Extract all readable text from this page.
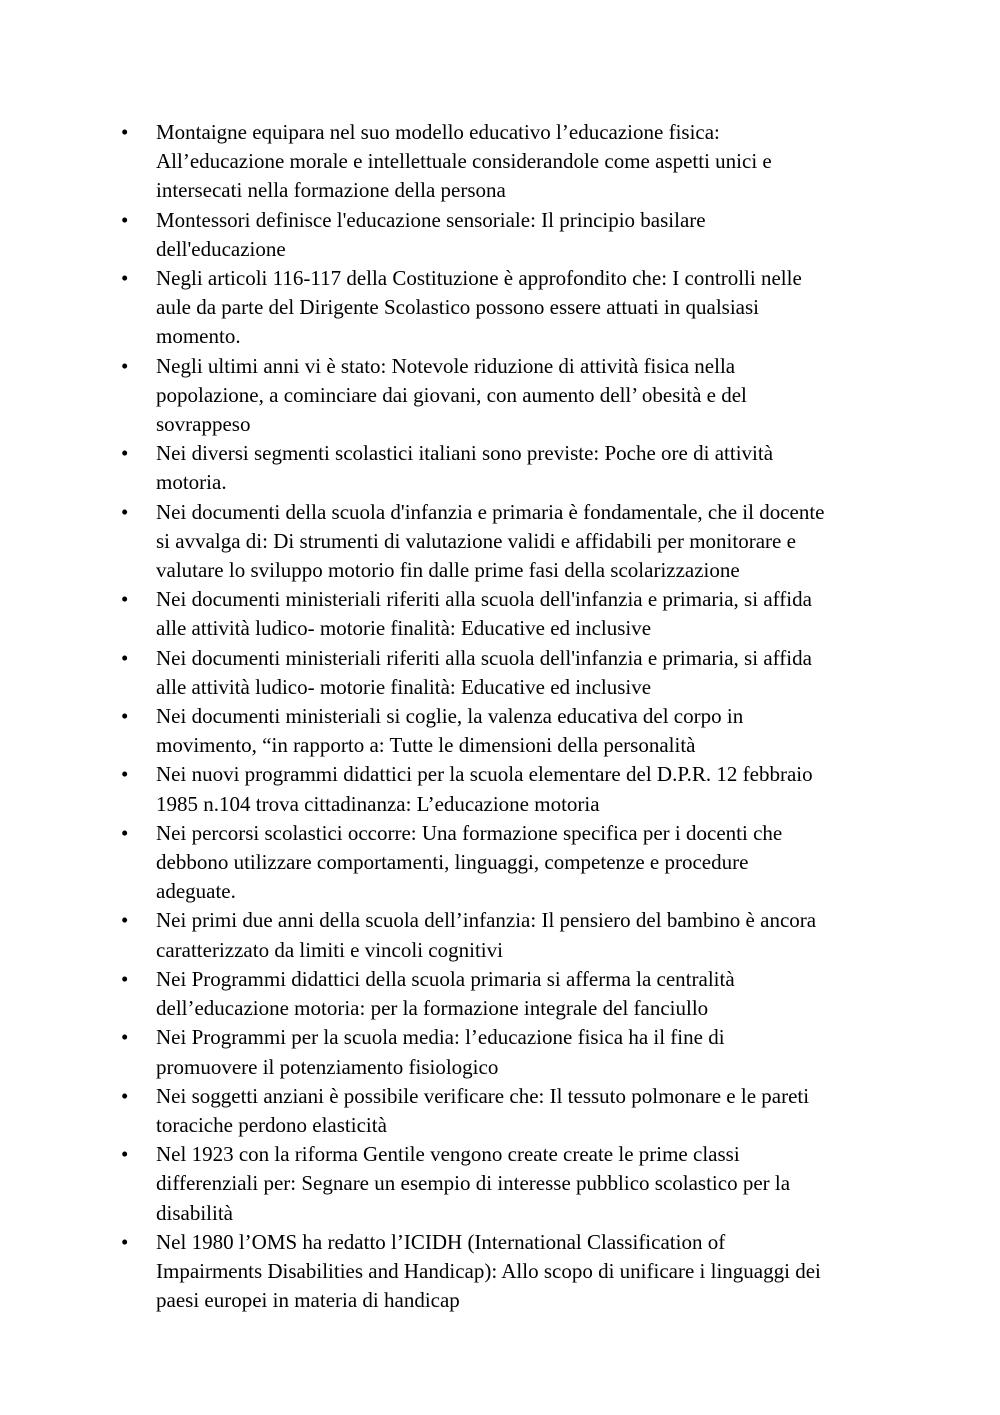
•	Montaigne equipara nel suo modello educativo l’educazione fisica:
All’educazione morale e intellettuale considerandole come aspetti unici e
intersecati nella formazione della persona
•	Montessori definisce l'educazione sensoriale: Il principio basilare
dell'educazione
•	Negli articoli 116-117 della Costituzione è approfondito che: I controlli nelle
aule da parte del Dirigente Scolastico possono essere attuati in qualsiasi
momento.
•	Negli ultimi anni vi è stato: Notevole riduzione di attività fisica nella
popolazione, a cominciare dai giovani, con aumento dell’ obesità e del
sovrappeso
•	Nei diversi segmenti scolastici italiani sono previste: Poche ore di attività
motoria.
•	Nei documenti della scuola d'infanzia e primaria è fondamentale, che il docente
si avvalga di: Di strumenti di valutazione validi e affidabili per monitorare e
valutare lo sviluppo motorio fin dalle prime fasi della scolarizzazione
•	Nei documenti ministeriali riferiti alla scuola dell'infanzia e primaria, si affida
alle attività ludico- motorie finalità: Educative ed inclusive
•	Nei documenti ministeriali riferiti alla scuola dell'infanzia e primaria, si affida
alle attività ludico- motorie finalità: Educative ed inclusive
•	Nei documenti ministeriali si coglie, la valenza educativa del corpo in
movimento, “in rapporto a: Tutte le dimensioni della personalità
•	Nei nuovi programmi didattici per la scuola elementare del D.P.R. 12 febbraio
1985 n.104 trova cittadinanza: L’educazione motoria
•	Nei percorsi scolastici occorre: Una formazione specifica per i docenti che
debbono utilizzare comportamenti, linguaggi, competenze e procedure
adeguate.
•	Nei primi due anni della scuola dell’infanzia: Il pensiero del bambino è ancora
caratterizzato da limiti e vincoli cognitivi
•	Nei Programmi didattici della scuola primaria si afferma la centralità
dell’educazione motoria: per la formazione integrale del fanciullo
•	Nei Programmi per la scuola media: l’educazione fisica ha il fine di
promuovere il potenziamento fisiologico
•	Nei soggetti anziani è possibile verificare che: Il tessuto polmonare e le pareti
toraciche perdono elasticità
•	Nel 1923 con la riforma Gentile vengono create create le prime classi
differenziali per: Segnare un esempio di interesse pubblico scolastico per la
disabilità
•	Nel 1980 l’OMS ha redatto l’ICIDH (International Classification of
Impairments Disabilities and Handicap): Allo scopo di unificare i linguaggi dei
paesi europei in materia di handicap
